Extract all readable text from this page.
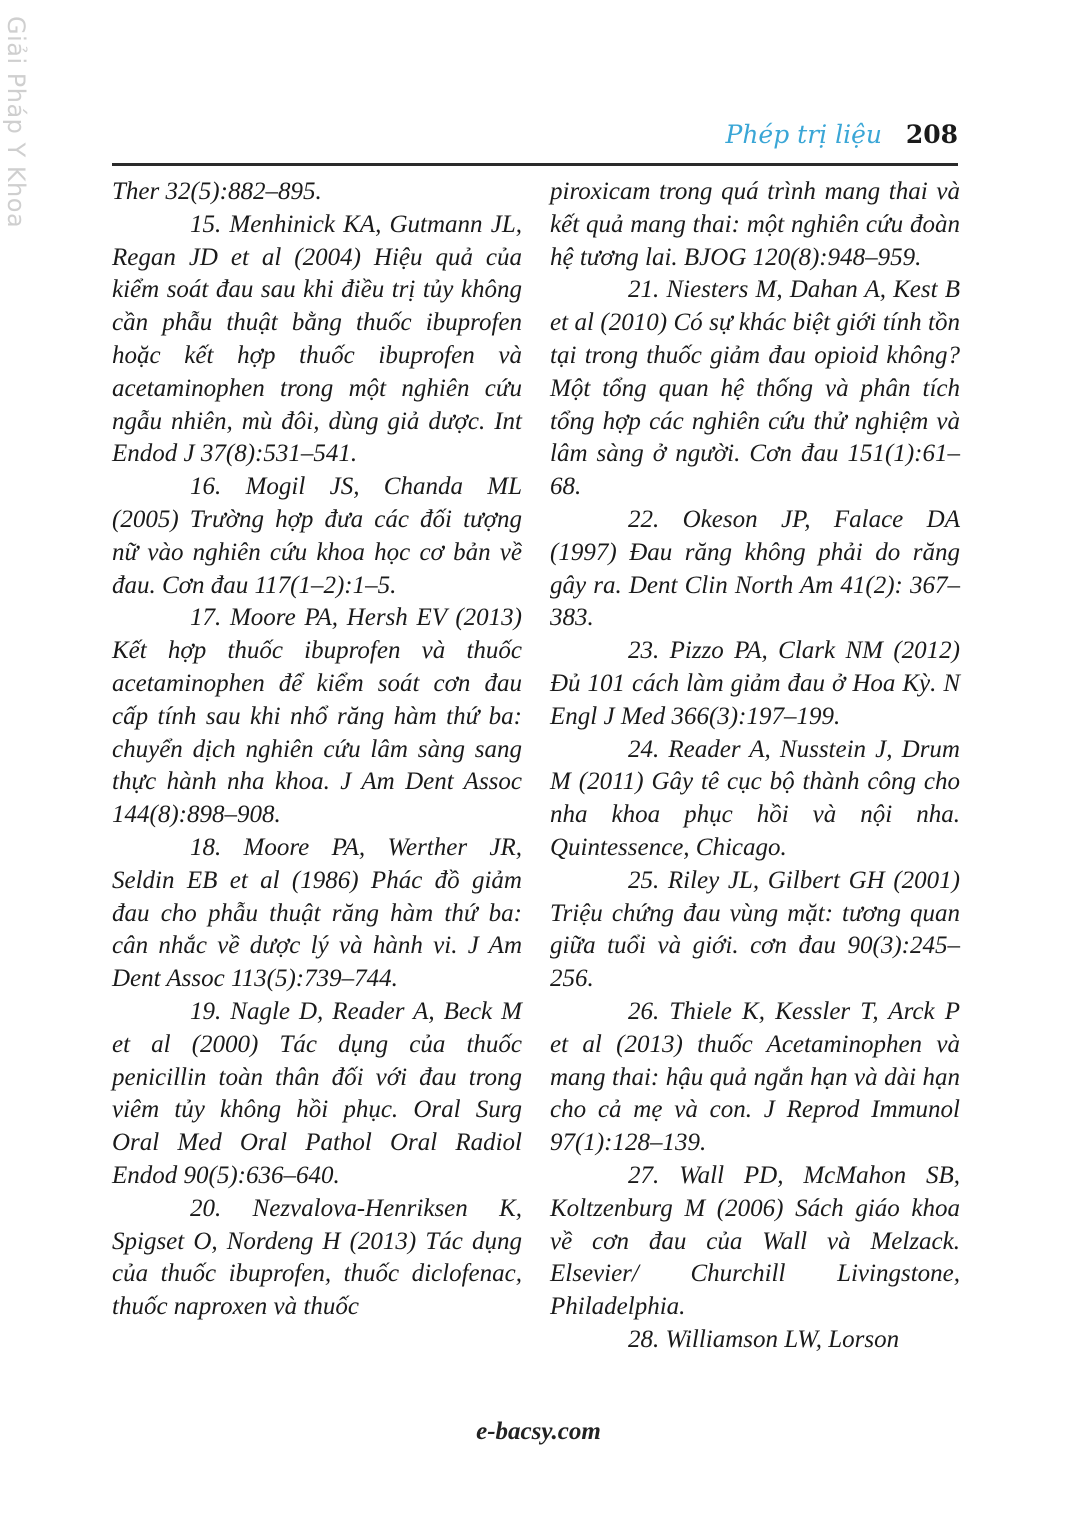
Giải Pháp Y Khoa	Phép trị liệu 208

Ther 32(5):882–895.

15. Menhinick KA, Gutmann JL, Regan JD et al (2004) Hiệu quả của kiểm soát đau sau khi điều trị tủy không cần phẫu thuật bằng thuốc ibuprofen hoặc kết hợp thuốc ibuprofen và acetaminophen trong một nghiên cứu ngẫu nhiên, mù đôi, dùng giả dược. Int Endod J 37(8):531–541.

16. Mogil JS, Chanda ML (2005) Trường hợp đưa các đối tượng nữ vào nghiên cứu khoa học cơ bản về đau. Cơn đau 117(1–2):1–5.

17. Moore PA, Hersh EV (2013) Kết hợp thuốc ibuprofen và thuốc acetaminophen để kiểm soát cơn đau cấp tính sau khi nhổ răng hàm thứ ba: chuyển dịch nghiên cứu lâm sàng sang thực hành nha khoa. J Am Dent Assoc 144(8):898–908.

18. Moore PA, Werther JR, Seldin EB et al (1986) Phác đồ giảm đau cho phẫu thuật răng hàm thứ ba: cân nhắc về dược lý và hành vi. J Am Dent Assoc 113(5):739–744.

19. Nagle D, Reader A, Beck M et al (2000) Tác dụng của thuốc penicillin toàn thân đối với đau trong viêm tủy không hồi phục. Oral Surg Oral Med Oral Pathol Oral Radiol Endod 90(5):636–640.

20. Nezvalova-Henriksen K, Spigset O, Nordeng H (2013) Tác dụng của thuốc ibuprofen, thuốc diclofenac, thuốc naproxen và thuốc

piroxicam trong quá trình mang thai và kết quả mang thai: một nghiên cứu đoàn hệ tương lai. BJOG 120(8):948–959.

21. Niesters M, Dahan A, Kest B et al (2010) Có sự khác biệt giới tính tồn tại trong thuốc giảm đau opioid không? Một tổng quan hệ thống và phân tích tổng hợp các nghiên cứu thử nghiệm và lâm sàng ở người. Cơn đau 151(1):61–68.

22. Okeson JP, Falace DA (1997) Đau răng không phải do răng gây ra. Dent Clin North Am 41(2): 367–383.

23. Pizzo PA, Clark NM (2012) Đủ 101 cách làm giảm đau ở Hoa Kỳ. N Engl J Med 366(3):197–199.

24. Reader A, Nusstein J, Drum M (2011) Gây tê cục bộ thành công cho nha khoa phục hồi và nội nha. Quintessence, Chicago.

25. Riley JL, Gilbert GH (2001) Triệu chứng đau vùng mặt: tương quan giữa tuổi và giới. cơn đau 90(3):245–256.

26. Thiele K, Kessler T, Arck P et al (2013) thuốc Acetaminophen và mang thai: hậu quả ngắn hạn và dài hạn cho cả mẹ và con. J Reprod Immunol 97(1):128–139.

27. Wall PD, McMahon SB, Koltzenburg M (2006) Sách giáo khoa về cơn đau của Wall và Melzack. Elsevier/ Churchill Livingstone, Philadelphia.

28. Williamson LW, Lorson

e-bacsy.com
